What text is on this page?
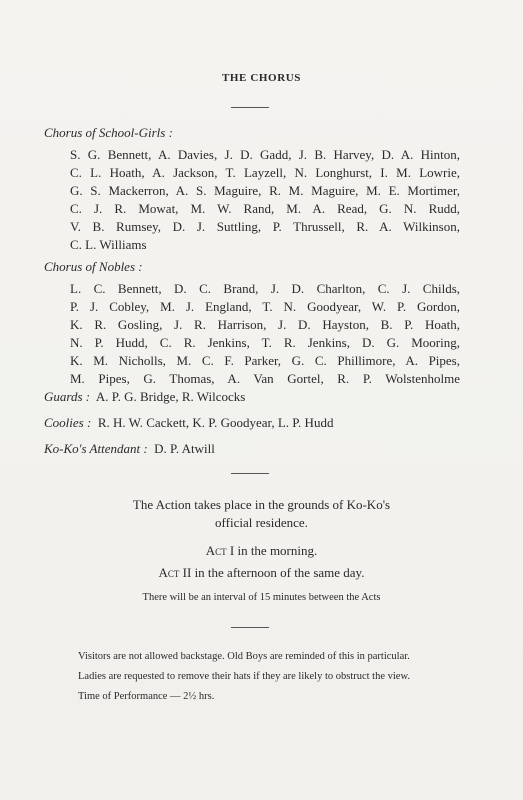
THE CHORUS
Chorus of School-Girls :
S. G. Bennett, A. Davies, J. D. Gadd, J. B. Harvey, D. A. Hinton,
C. L. Hoath, A. Jackson, T. Layzell, N. Longhurst, I. M. Lowrie,
G. S. Mackerron, A. S. Maguire, R. M. Maguire, M. E. Mortimer,
C. J. R. Mowat, M. W. Rand, M. A. Read, G. N. Rudd,
V. B. Rumsey, D. J. Suttling, P. Thrussell, R. A. Wilkinson,
C. L. Williams
Chorus of Nobles :
L. C. Bennett, D. C. Brand, J. D. Charlton, C. J. Childs,
P. J. Cobley, M. J. England, T. N. Goodyear, W. P. Gordon,
K. R. Gosling, J. R. Harrison, J. D. Hayston, B. P. Hoath,
N. P. Hudd, C. R. Jenkins, T. R. Jenkins, D. G. Mooring,
K. M. Nicholls, M. C. F. Parker, G. C. Phillimore, A. Pipes,
M. Pipes, G. Thomas, A. Van Gortel, R. P. Wolstenholme
Guards : A. P. G. Bridge, R. Wilcocks
Coolies : R. H. W. Cackett, K. P. Goodyear, L. P. Hudd
Ko-Ko's Attendant : D. P. Atwill
The Action takes place in the grounds of Ko-Ko's
official residence.
Act I in the morning.
Act II in the afternoon of the same day.
There will be an interval of 15 minutes between the Acts

Visitors are not allowed backstage. Old Boys are reminded of this in particular.

Ladies are requested to remove their hats if they are likely to obstruct the view.

Time of Performance — 2½ hrs.
